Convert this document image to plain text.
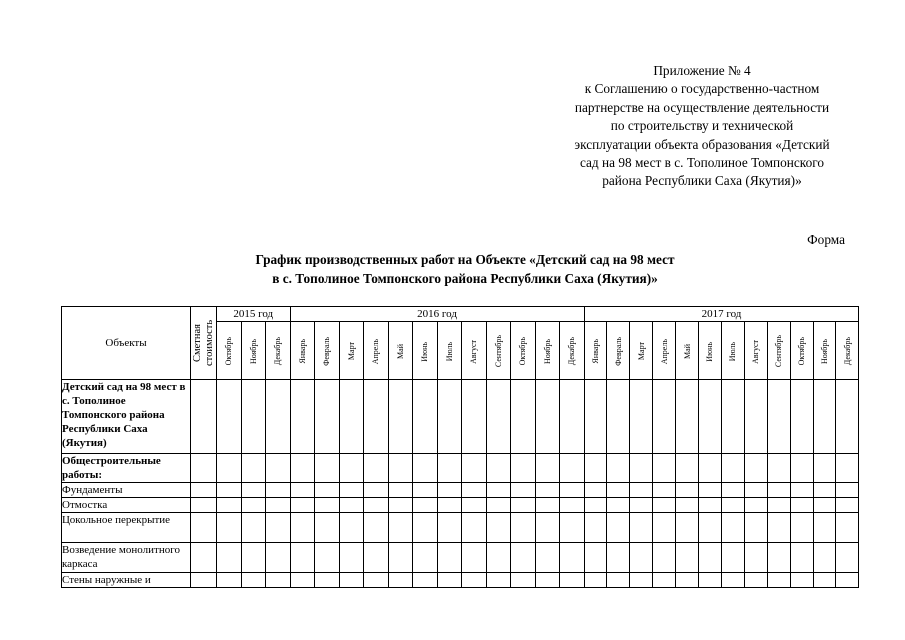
Приложение № 4
к Соглашению о государственно-частном
партнерстве на осуществление деятельности
по строительству и технической
эксплуатации объекта образования «Детский
сад на 98 мест в с. Тополиное Томпонского
района Республики Саха (Якутия)»
Форма
График производственных работ на Объекте «Детский сад на 98 мест
в с. Тополиное Томпонского района Республики Саха (Якутия)»
Объекты	Сметная стоимость	2015 год			2016 год												2017 год											

		Октябрь	Ноябрь	Декабрь	Январь	Февраль	Март	Апрель	Май	Июнь	Июль	Август	Сентябрь	Октябрь	Ноябрь	Декабрь	Январь	Февраль	Март	Апрель	Май	Июнь	Июль	Август	Сентябрь	Октябрь	Ноябрь	Декабрь

Детский сад на 98 мест в с. Тополиное Томпонского района Республики Саха (Якутия)																												
Общестроительные работы:																												
Фундаменты																												
Отмостка																												
Цокольное перекрытие																												
Возведение монолитного каркаса																												
Стены наружные и																												
